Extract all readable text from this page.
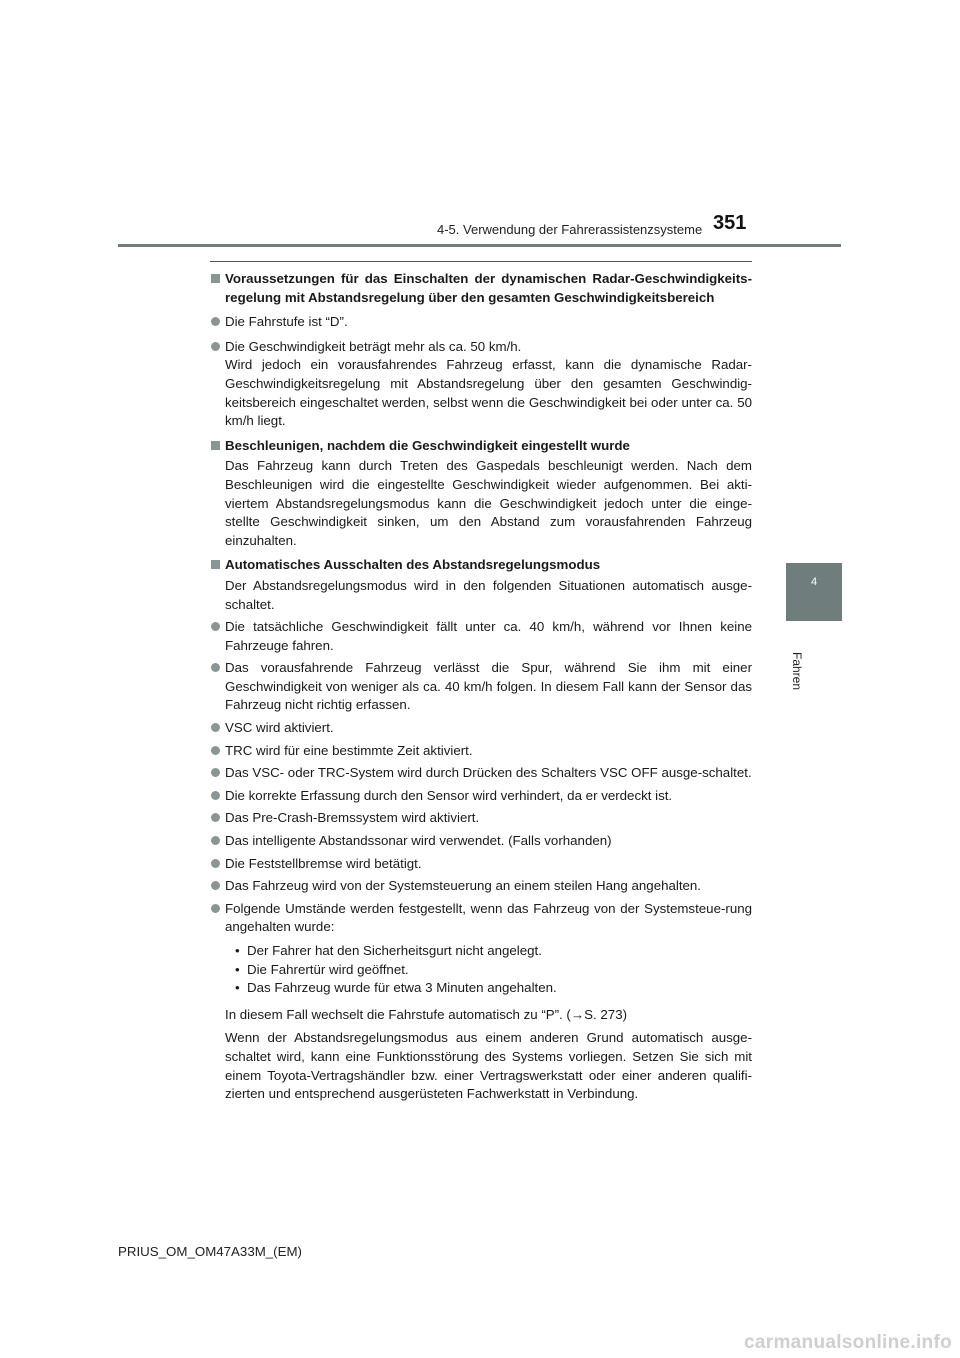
4-5. Verwendung der Fahrerassistenzsysteme 351
4
Fahren
Voraussetzungen für das Einschalten der dynamischen Radar-Geschwindigkeits-regelung mit Abstandsregelung über den gesamten Geschwindigkeitsbereich
Die Fahrstufe ist “D”.
Die Geschwindigkeit beträgt mehr als ca. 50 km/h.
Wird jedoch ein vorausfahrendes Fahrzeug erfasst, kann die dynamische Radar-Geschwindigkeitsregelung mit Abstandsregelung über den gesamten Geschwindig-keitsbereich eingeschaltet werden, selbst wenn die Geschwindigkeit bei oder unter ca. 50 km/h liegt.
Beschleunigen, nachdem die Geschwindigkeit eingestellt wurde
Das Fahrzeug kann durch Treten des Gaspedals beschleunigt werden. Nach dem Beschleunigen wird die eingestellte Geschwindigkeit wieder aufgenommen. Bei akti-viertem Abstandsregelungsmodus kann die Geschwindigkeit jedoch unter die einge-stellte Geschwindigkeit sinken, um den Abstand zum vorausfahrenden Fahrzeug einzuhalten.
Automatisches Ausschalten des Abstandsregelungsmodus
Der Abstandsregelungsmodus wird in den folgenden Situationen automatisch ausge-schaltet.
Die tatsächliche Geschwindigkeit fällt unter ca. 40 km/h, während vor Ihnen keine Fahrzeuge fahren.
Das vorausfahrende Fahrzeug verlässt die Spur, während Sie ihm mit einer Geschwindigkeit von weniger als ca. 40 km/h folgen. In diesem Fall kann der Sensor das Fahrzeug nicht richtig erfassen.
VSC wird aktiviert.
TRC wird für eine bestimmte Zeit aktiviert.
Das VSC- oder TRC-System wird durch Drücken des Schalters VSC OFF ausge-schaltet.
Die korrekte Erfassung durch den Sensor wird verhindert, da er verdeckt ist.
Das Pre-Crash-Bremssystem wird aktiviert.
Das intelligente Abstandssonar wird verwendet. (Falls vorhanden)
Die Feststellbremse wird betätigt.
Das Fahrzeug wird von der Systemsteuerung an einem steilen Hang angehalten.
Folgende Umstände werden festgestellt, wenn das Fahrzeug von der Systemsteue-rung angehalten wurde:
• Der Fahrer hat den Sicherheitsgurt nicht angelegt.
• Die Fahrertür wird geöffnet.
• Das Fahrzeug wurde für etwa 3 Minuten angehalten.
In diesem Fall wechselt die Fahrstufe automatisch zu “P”. (→S. 273)
Wenn der Abstandsregelungsmodus aus einem anderen Grund automatisch ausge-schaltet wird, kann eine Funktionsstörung des Systems vorliegen. Setzen Sie sich mit einem Toyota-Vertragshändler bzw. einer Vertragswerkstatt oder einer anderen qualifi-zierten und entsprechend ausgerüsteten Fachwerkstatt in Verbindung.
PRIUS_OM_OM47A33M_(EM)
carmanualsonline.info
